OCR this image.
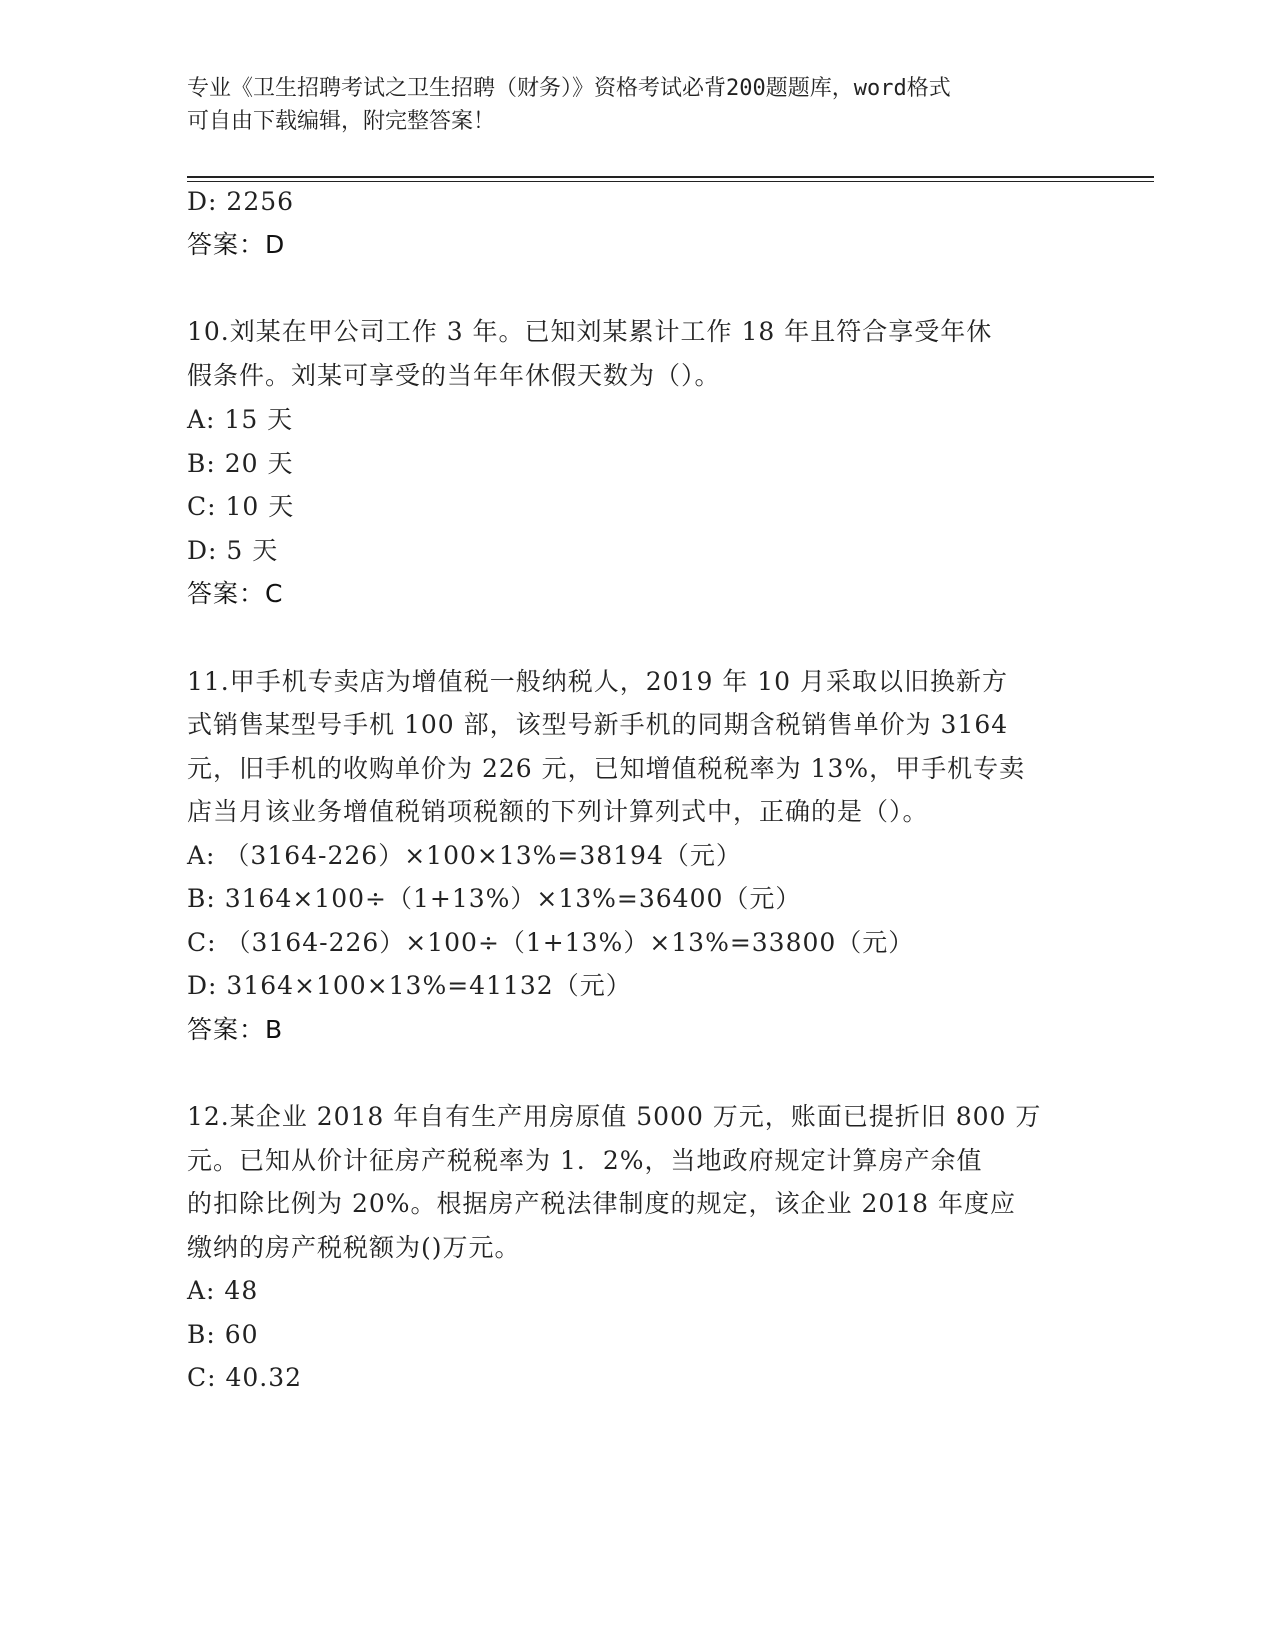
专业《卫生招聘考试之卫生招聘（财务）》资格考试必背200题题库，word格式
可自由下载编辑，附完整答案！
D: 2256
答案：D
10.刘某在甲公司工作 3 年。已知刘某累计工作 18 年且符合享受年休
假条件。刘某可享受的当年年休假天数为（）。
A: 15 天
B: 20 天
C: 10 天
D: 5 天
答案：C
11.甲手机专卖店为增值税一般纳税人，2019 年 10 月采取以旧换新方
式销售某型号手机 100 部，该型号新手机的同期含税销售单价为 3164
元，旧手机的收购单价为 226 元，已知增值税税率为 13%，甲手机专卖
店当月该业务增值税销项税额的下列计算列式中，正确的是（）。
A: （3164-226）×100×13%=38194（元）
B: 3164×100÷（1+13%）×13%=36400（元）
C: （3164-226）×100÷（1+13%）×13%=33800（元）
D: 3164×100×13%=41132（元）
答案：B
12.某企业 2018 年自有生产用房原值 5000 万元，账面已提折旧 800 万
元。已知从价计征房产税税率为 1．2%，当地政府规定计算房产余值
的扣除比例为 20%。根据房产税法律制度的规定，该企业 2018 年度应
缴纳的房产税税额为()万元。
A: 48
B: 60
C: 40.32
